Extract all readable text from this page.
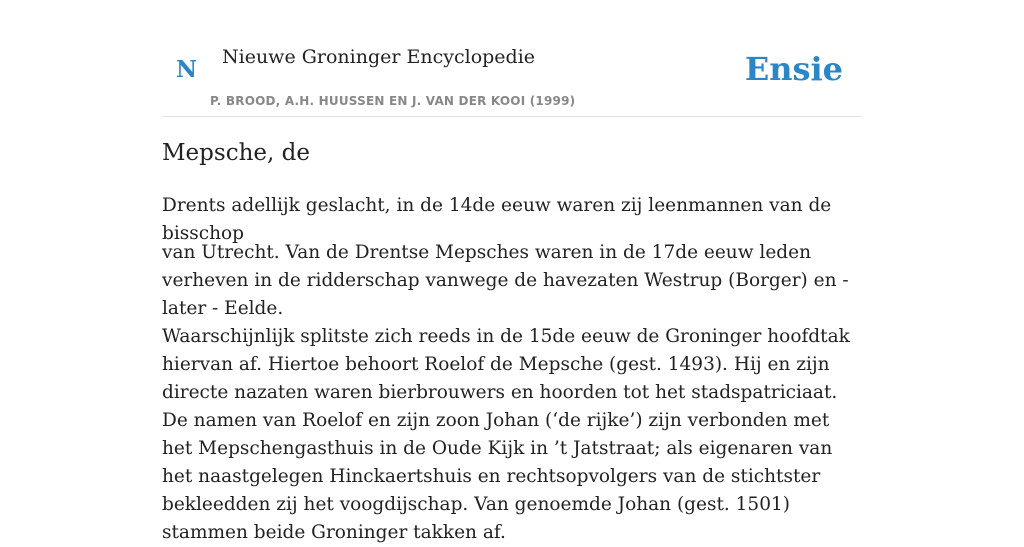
N Nieuwe Groninger Encyclopedie
P. BROOD, A.H. HUUSSEN EN J. VAN DER KOOI (1999)
Ensie
Mepsche, de

Drents adellijk geslacht, in de 14de eeuw waren zij leenmannen van de bisschop

van Utrecht. Van de Drentse Mepsches waren in de 17de eeuw leden verheven in de ridderschap vanwege de havezaten Westrup (Borger) en - later - Eelde.

Waarschijnlijk splitste zich reeds in de 15de eeuw de Groninger hoofdtak hiervan af. Hiertoe behoort Roelof de Mepsche (gest. 1493). Hij en zijn directe nazaten waren bierbrouwers en hoorden tot het stadspatriciaat. De namen van Roelof en zijn zoon Johan (‘de rijke’) zijn verbonden met het Mepschengasthuis in de Oude Kijk in ’t Jatstraat; als eigenaren van het naastgelegen Hinckaertshuis en rechtsopvolgers van de stichtster bekleedden zij het voogdijschap. Van genoemde Johan (gest. 1501) stammen beide Groninger takken af.
